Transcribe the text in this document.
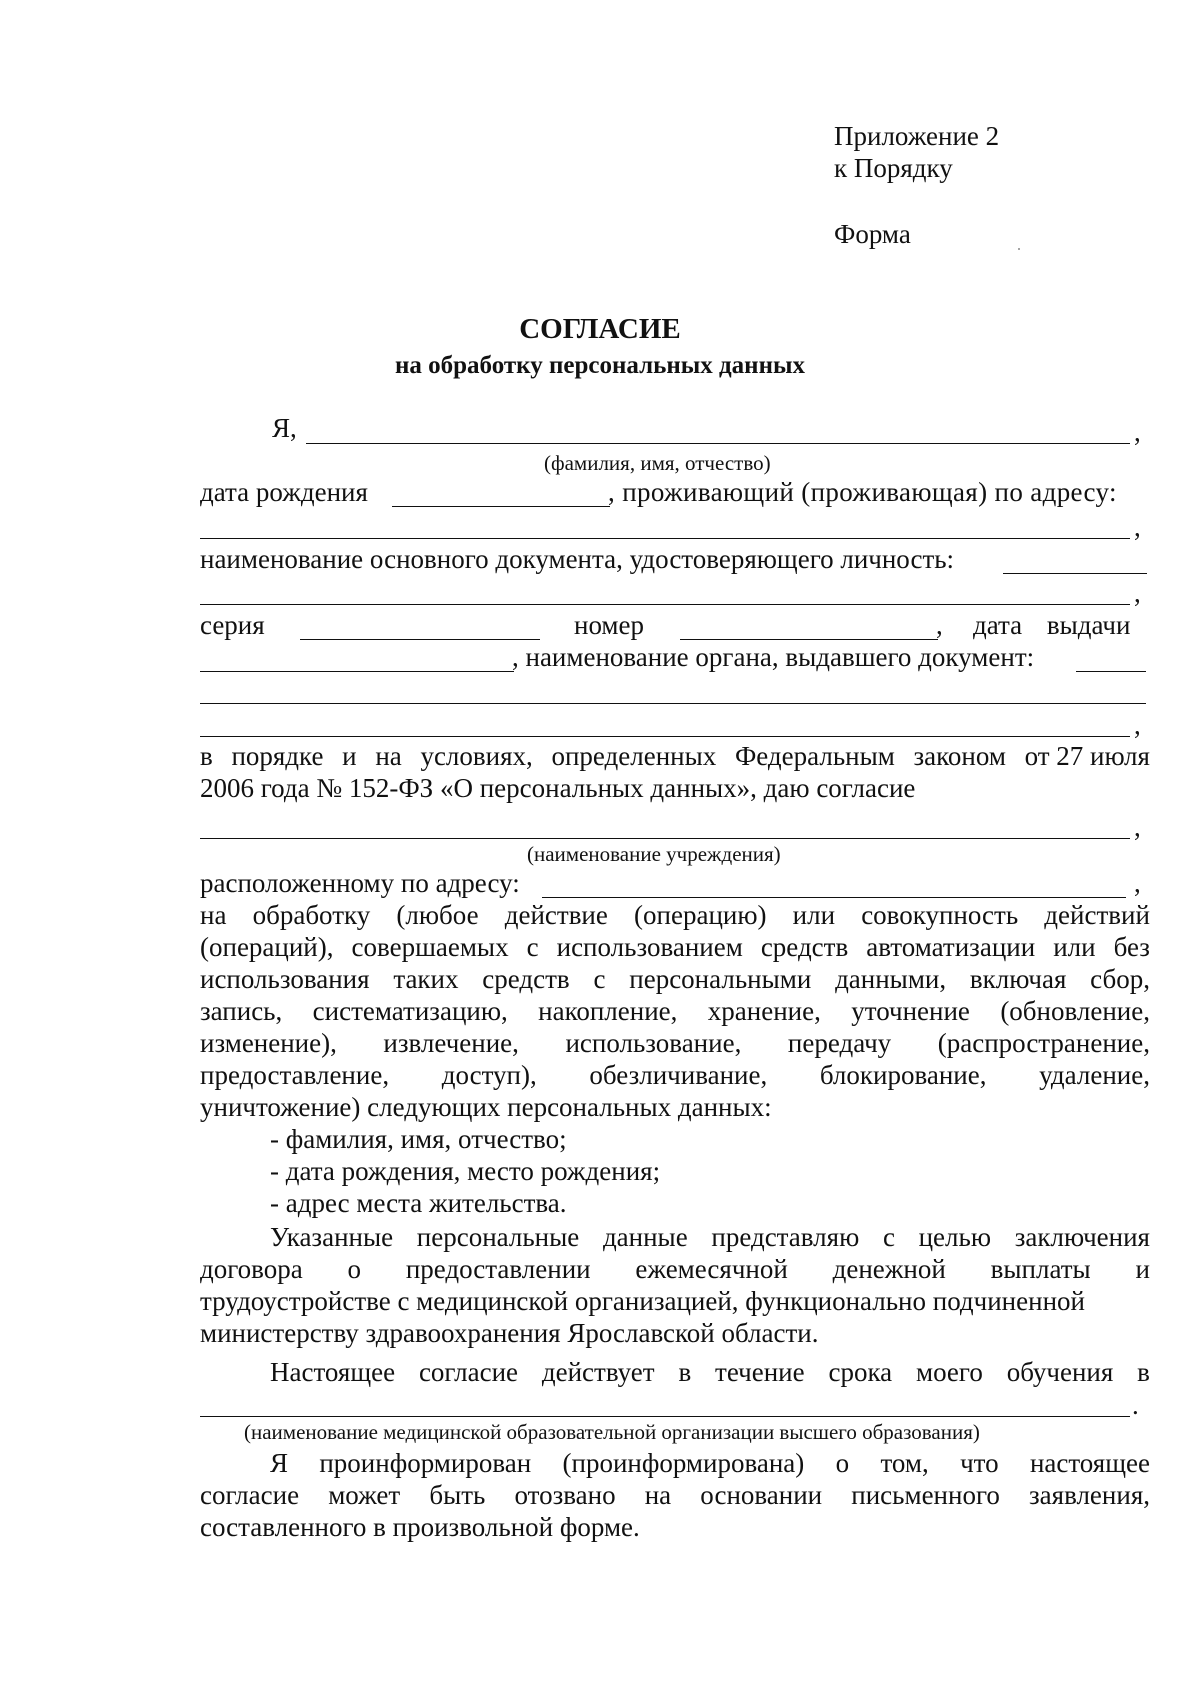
Приложение 2
к Порядку
Форма
СОГЛАСИЕ
на обработку персональных данных
Я,	,
(фамилия, имя, отчество)
дата рождения	, проживающий (проживающая) по адресу:
,
наименование основного документа, удостоверяющего личность:
,
серия	номер	, дата выдачи
, наименование органа, выдавшего документ:
,
в порядке и на условиях, определенных Федеральным законом от 27 июля
2006 года № 152-ФЗ «О персональных данных», даю согласие
,
(наименование учреждения)
расположенному по адресу:	,
на обработку (любое действие (операцию) или совокупность действий
(операций), совершаемых с использованием средств автоматизации или без
использования таких средств с персональными данными, включая сбор,
запись, систематизацию, накопление, хранение, уточнение (обновление,
изменение), извлечение, использование, передачу (распространение,
предоставление, доступ), обезличивание, блокирование, удаление,
уничтожение) следующих персональных данных:
- фамилия, имя, отчество;
- дата рождения, место рождения;
- адрес места жительства.
Указанные персональные данные представляю с целью заключения
договора о предоставлении ежемесячной денежной выплаты и
трудоустройстве с медицинской организацией, функционально подчиненной
министерству здравоохранения Ярославской области.
Настоящее согласие действует в течение срока моего обучения в
.
(наименование медицинской образовательной организации высшего образования)
Я проинформирован (проинформирована) о том, что настоящее
согласие может быть отозвано на основании письменного заявления,
составленного в произвольной форме.
